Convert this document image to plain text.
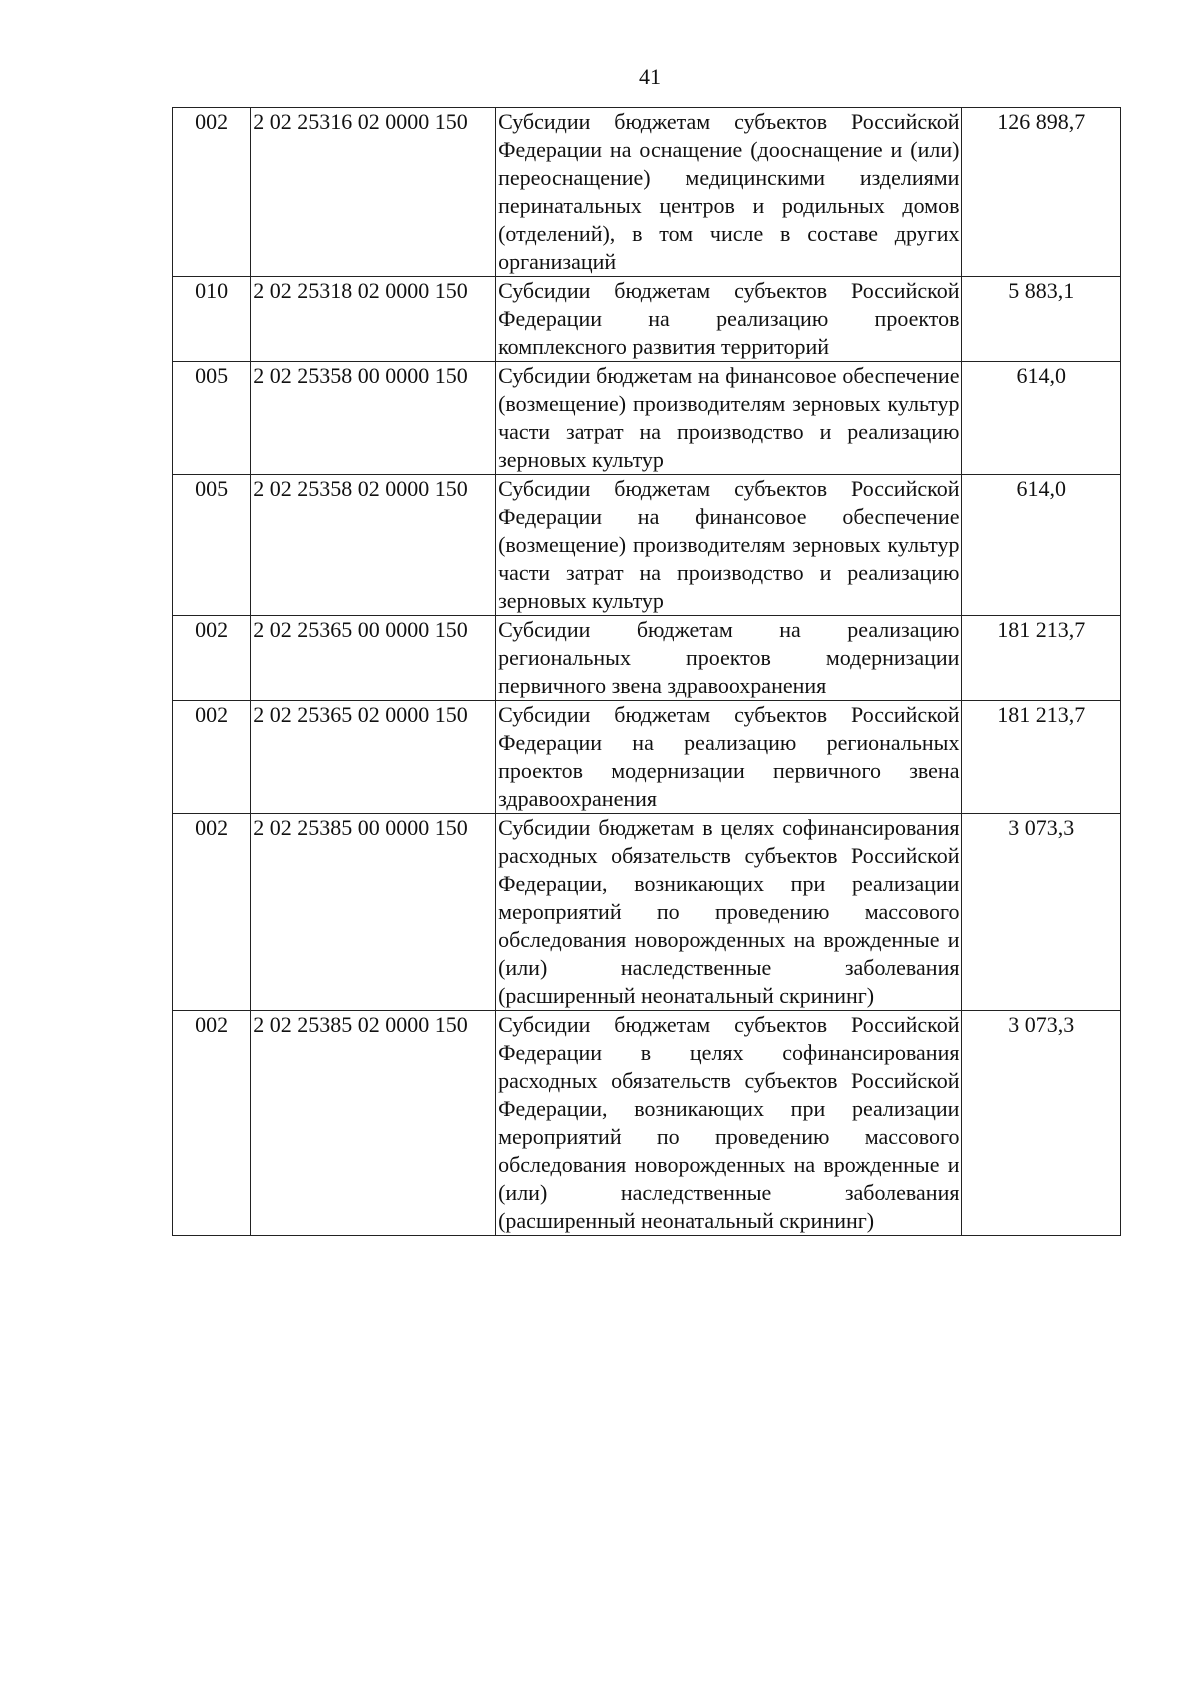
41
002	2 02 25316 02 0000 150	Субсидии бюджетам субъектов Российской Федерации на оснащение (дооснащение и (или) переоснащение) медицинскими изделиями перинатальных центров и родильных домов (отделений), в том числе в составе других организаций	126 898,7
010	2 02 25318 02 0000 150	Субсидии бюджетам субъектов Российской Федерации на реализацию проектов комплексного развития территорий	5 883,1
005	2 02 25358 00 0000 150	Субсидии бюджетам на финансовое обеспечение (возмещение) производителям зерновых культур части затрат на производство и реализацию зерновых культур	614,0
005	2 02 25358 02 0000 150	Субсидии бюджетам субъектов Российской Федерации на финансовое обеспечение (возмещение) производителям зерновых культур части затрат на производство и реализацию зерновых культур	614,0
002	2 02 25365 00 0000 150	Субсидии бюджетам на реализацию региональных проектов модернизации первичного звена здравоохранения	181 213,7
002	2 02 25365 02 0000 150	Субсидии бюджетам субъектов Российской Федерации на реализацию региональных проектов модернизации первичного звена здравоохранения	181 213,7
002	2 02 25385 00 0000 150	Субсидии бюджетам в целях софинансирования расходных обязательств субъектов Российской Федерации, возникающих при реализации мероприятий по проведению массового обследования новорожденных на врожденные и (или) наследственные заболевания (расширенный неонатальный скрининг)	3 073,3
002	2 02 25385 02 0000 150	Субсидии бюджетам субъектов Российской Федерации в целях софинансирования расходных обязательств субъектов Российской Федерации, возникающих при реализации мероприятий по проведению массового обследования новорожденных на врожденные и (или) наследственные заболевания (расширенный неонатальный скрининг)	3 073,3
